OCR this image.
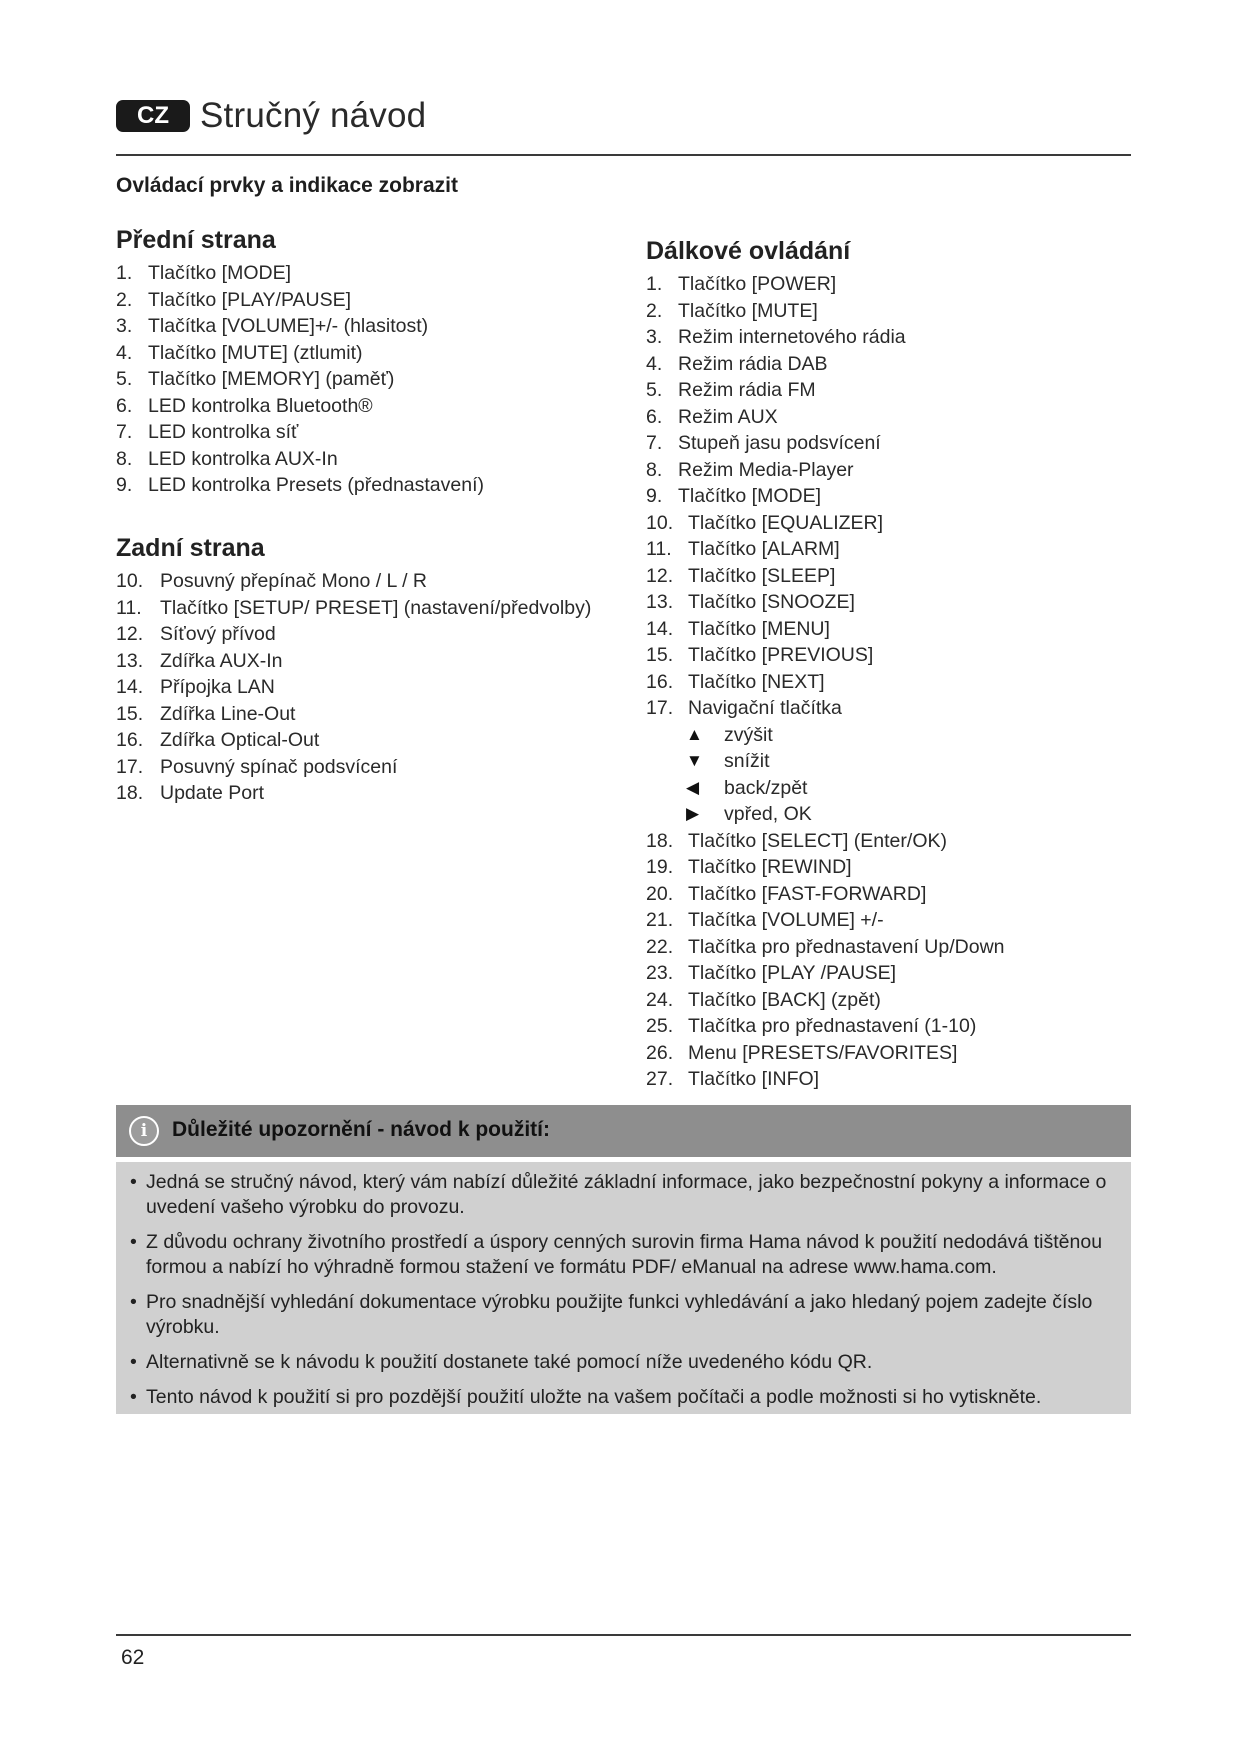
CZ Stručný návod
Ovládací prvky a indikace zobrazit
Přední strana
1. Tlačítko [MODE]
2. Tlačítko [PLAY/PAUSE]
3. Tlačítka [VOLUME]+/- (hlasitost)
4. Tlačítko [MUTE] (ztlumit)
5. Tlačítko [MEMORY] (paměť)
6. LED kontrolka Bluetooth®
7. LED kontrolka síť
8. LED kontrolka AUX-In
9. LED kontrolka Presets (přednastavení)
Zadní strana
10. Posuvný přepínač Mono / L / R
11. Tlačítko [SETUP/ PRESET] (nastavení/předvolby)
12. Síťový přívod
13. Zdířka AUX-In
14. Přípojka LAN
15. Zdířka Line-Out
16. Zdířka Optical-Out
17. Posuvný spínač podsvícení
18. Update Port
Dálkové ovládání
1. Tlačítko [POWER]
2. Tlačítko [MUTE]
3. Režim internetového rádia
4. Režim rádia DAB
5. Režim rádia FM
6. Režim AUX
7. Stupeň jasu podsvícení
8. Režim Media-Player
9. Tlačítko [MODE]
10. Tlačítko [EQUALIZER]
11. Tlačítko [ALARM]
12. Tlačítko [SLEEP]
13. Tlačítko [SNOOZE]
14. Tlačítko [MENU]
15. Tlačítko [PREVIOUS]
16. Tlačítko [NEXT]
17. Navigační tlačítka
▲	zvýšit
▼	snížit
◀	back/zpět
▶	vpřed, OK
18. Tlačítko [SELECT] (Enter/OK)
19. Tlačítko [REWIND]
20. Tlačítko [FAST-FORWARD]
21. Tlačítka [VOLUME] +/-
22. Tlačítka pro přednastavení Up/Down
23. Tlačítko [PLAY /PAUSE]
24. Tlačítko [BACK] (zpět)
25. Tlačítka pro přednastavení (1-10)
26. Menu [PRESETS/FAVORITES]
27. Tlačítko [INFO]
i	Důležité upozornění - návod k použití:
• Jedná se stručný návod, který vám nabízí důležité základní informace, jako bezpečnostní pokyny a informace o uvedení vašeho výrobku do provozu.
• Z důvodu ochrany životního prostředí a úspory cenných surovin firma Hama návod k použití nedodává tištěnou formou a nabízí ho výhradně formou stažení ve formátu PDF/ eManual na adrese www.hama.com.
• Pro snadnější vyhledání dokumentace výrobku použijte funkci vyhledávání a jako hledaný pojem zadejte číslo výrobku.
• Alternativně se k návodu k použití dostanete také pomocí níže uvedeného kódu QR.
• Tento návod k použití si pro pozdější použití uložte na vašem počítači a podle možnosti si ho vytiskněte.
62
